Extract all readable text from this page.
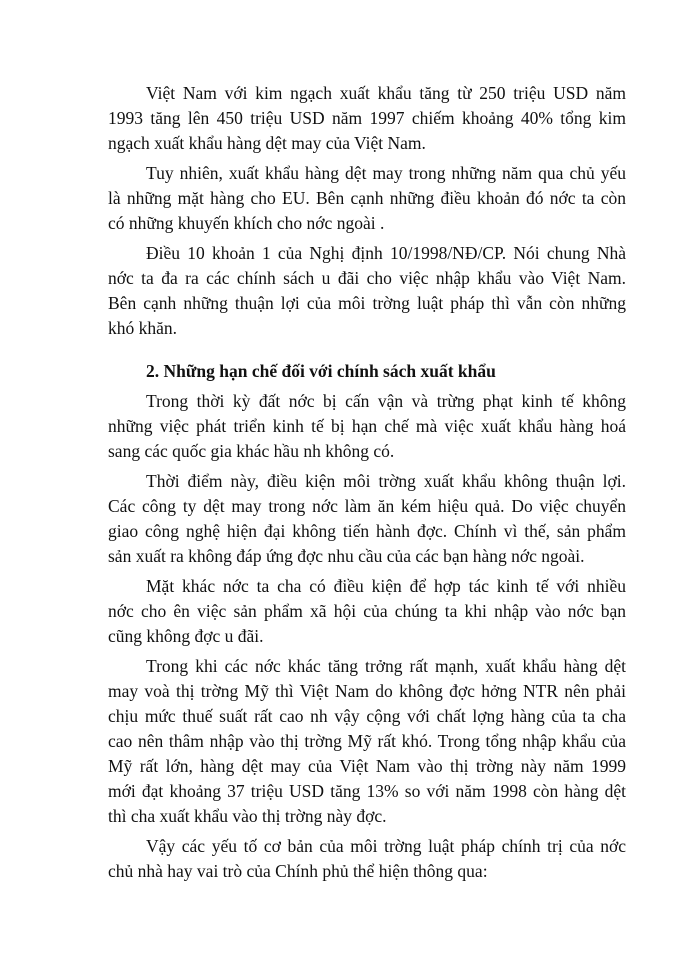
Việt Nam với kim ngạch xuất khẩu tăng từ 250 triệu USD năm
1993 tăng lên 450 triệu USD năm 1997 chiếm khoảng 40% tổng kim
ngạch xuất khẩu hàng dệt may của Việt Nam.
Tuy nhiên, xuất khẩu hàng dệt may trong những năm qua chủ yếu
là những mặt hàng cho EU. Bên cạnh những điều khoản đó nớc ta còn
có những khuyến khích cho nớc ngoài .
Điều 10 khoản 1 của Nghị định 10/1998/NĐ/CP. Nói chung Nhà
nớc ta đa ra các chính sách u đãi cho việc nhập khẩu vào Việt Nam.
Bên cạnh những thuận lợi của môi trờng luật pháp thì vẫn còn những
khó khăn.
2. Những hạn chế đối với chính sách xuất khẩu
Trong thời kỳ đất nớc bị cấn vận và trừng phạt kinh tế không
những việc phát triển kinh tế bị hạn chế mà việc xuất khẩu hàng hoá
sang các quốc gia khác hầu nh không có.
Thời điểm này, điều kiện môi trờng xuất khẩu không thuận lợi.
Các công ty dệt may trong nớc làm ăn kém hiệu quả. Do việc chuyển
giao công nghệ hiện đại không tiến hành đợc. Chính vì thế, sản phẩm
sản xuất ra không đáp ứng đợc nhu cầu của các bạn hàng nớc ngoài.
Mặt khác nớc ta cha có điều kiện để hợp tác kinh tế với nhiều
nớc cho ên việc sản phẩm xã hội của chúng ta khi nhập vào nớc bạn
cũng không đợc u đãi.
Trong khi các nớc khác tăng trởng rất mạnh, xuất khẩu hàng dệt
may voà thị trờng Mỹ thì Việt Nam do không đợc hởng NTR nên phải
chịu mức thuế suất rất cao nh vậy cộng với chất lợng hàng của ta cha
cao nên thâm nhập vào thị trờng Mỹ rất khó. Trong tổng nhập khẩu của
Mỹ rất lớn, hàng dệt may của Việt Nam vào thị trờng này năm 1999
mới đạt khoảng 37 triệu USD tăng 13% so với năm 1998 còn hàng dệt
thì cha xuất khẩu vào thị trờng này đợc.
Vậy các yếu tố cơ bản của môi trờng luật pháp chính trị của nớc
chủ nhà hay vai trò của Chính phủ thể hiện thông qua:
